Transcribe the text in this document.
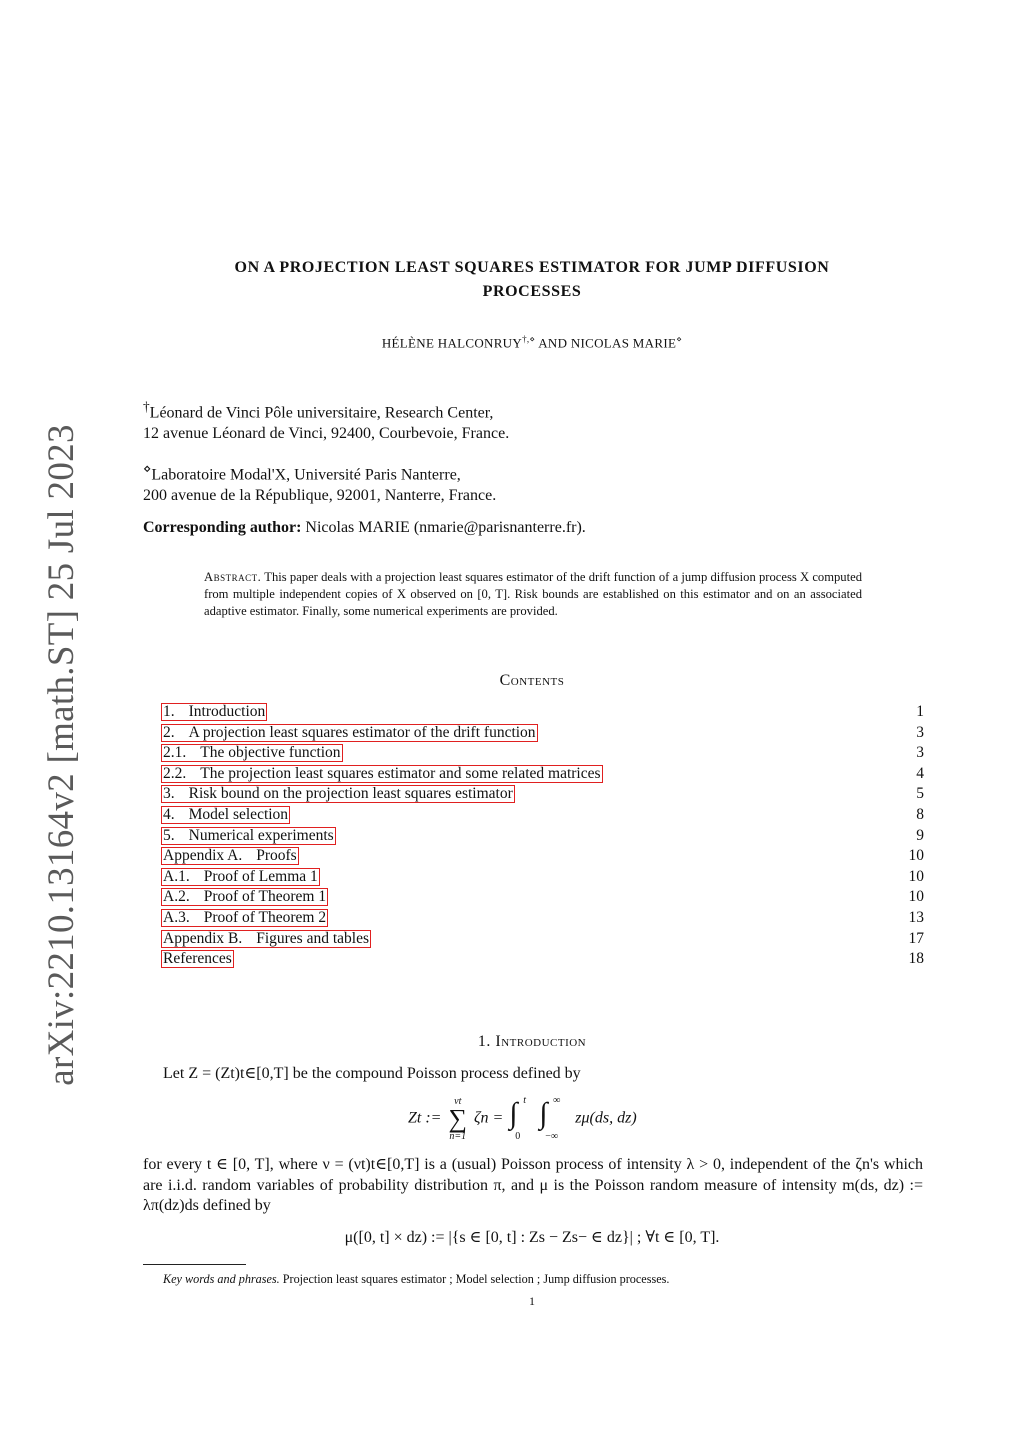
arXiv:2210.13164v2 [math.ST] 25 Jul 2023
ON A PROJECTION LEAST SQUARES ESTIMATOR FOR JUMP DIFFUSION
PROCESSES
HÉLÈNE HALCONRUY†,⋄ AND NICOLAS MARIE⋄
†Léonard de Vinci Pôle universitaire, Research Center,
12 avenue Léonard de Vinci, 92400, Courbevoie, France.
⋄Laboratoire Modal'X, Université Paris Nanterre,
200 avenue de la République, 92001, Nanterre, France.
Corresponding author: Nicolas MARIE (nmarie@parisnanterre.fr).
Abstract. This paper deals with a projection least squares estimator of the drift function of a jump diffusion process X computed from multiple independent copies of X observed on [0, T]. Risk bounds are established on this estimator and on an associated adaptive estimator. Finally, some numerical experiments are provided.
Contents
1. Introduction	1
2. A projection least squares estimator of the drift function	3
2.1. The objective function	3
2.2. The projection least squares estimator and some related matrices	4
3. Risk bound on the projection least squares estimator	5
4. Model selection	8
5. Numerical experiments	9
Appendix A. Proofs	10
A.1. Proof of Lemma 1	10
A.2. Proof of Theorem 1	10
A.3. Proof of Theorem 2	13
Appendix B. Figures and tables	17
References	18
1. Introduction
Let Z = (Zt)t∈[0,T] be the compound Poisson process defined by
Zt :=
νt
∑
n=1
ζn = ∫ t
0

∫ ∞
−∞
zμ(ds, dz)
for every t ∈ [0, T], where ν = (νt)t∈[0,T] is a (usual) Poisson process of intensity λ > 0, independent of the ζn's which are i.i.d. random variables of probability distribution π, and μ is the Poisson random measure of intensity m(ds, dz) := λπ(dz)ds defined by
μ([0, t] × dz) := |{s ∈ [0, t] : Zs − Zs− ∈ dz}| ; ∀t ∈ [0, T].
Key words and phrases. Projection least squares estimator ; Model selection ; Jump diffusion processes.
1
